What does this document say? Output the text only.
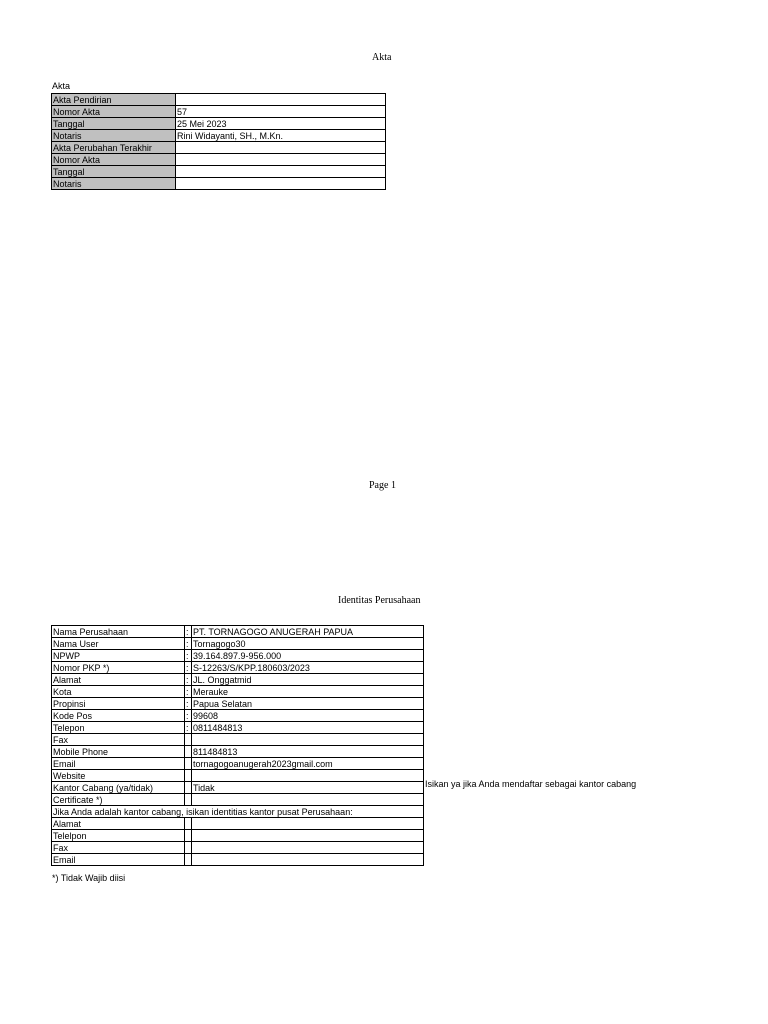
Akta
Akta
Akta Pendirian	
Nomor Akta	57
Tanggal	25 Mei 2023
Notaris	Rini Widayanti, SH., M.Kn.
Akta Perubahan Terakhir	
Nomor Akta	
Tanggal	
Notaris	
Page 1
Identitas Perusahaan
Nama Perusahaan	:	PT. TORNAGOGO ANUGERAH PAPUA
Nama User	:	Tornagogo30
NPWP	:	39.164.897.9-956.000
Nomor PKP *)	:	S-12263/S/KPP.180603/2023
Alamat	:	JL. Onggatmid
Kota	:	Merauke
Propinsi	:	Papua Selatan
Kode Pos	:	99608
Telepon	:	0811484813
Fax		
Mobile Phone		811484813
Email		tornagogoanugerah2023gmail.com
Website		
Kantor Cabang (ya/tidak)		Tidak
Certificate *)		
Jika Anda adalah kantor cabang, isikan identitias kantor pusat Perusahaan:		
Alamat		
Telelpon		
Fax		
Email		
Isikan ya jika Anda mendaftar sebagai kantor cabang
*) Tidak Wajib diisi
